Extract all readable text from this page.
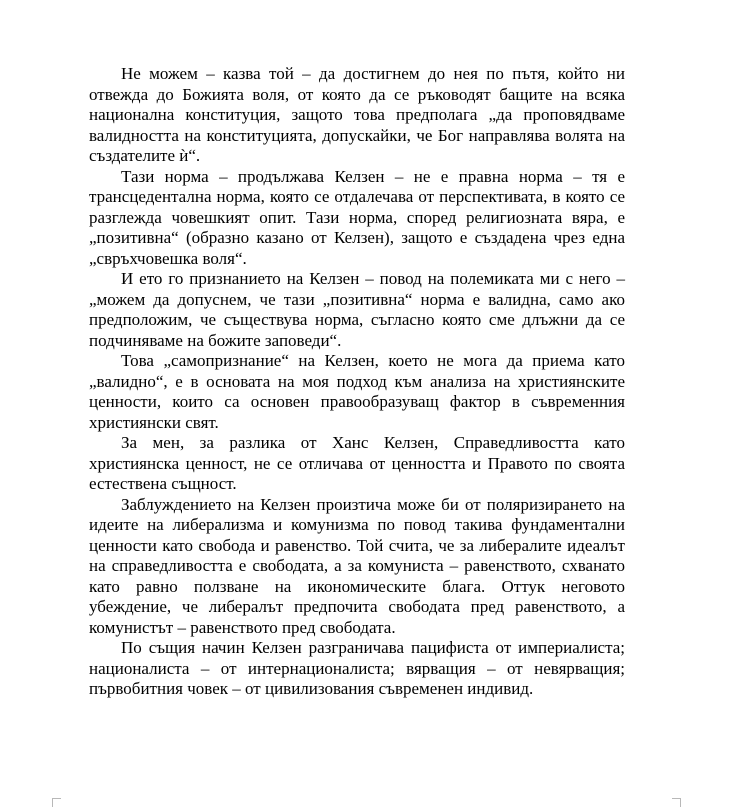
Не можем – казва той – да достигнем до нея по пътя, който ни отвежда до Божията воля, от която да се ръководят бащите на всяка национална конституция, защото това предполага „да проповядваме валидността на конституцията, допускайки, че Бог направлява волята на създателите ѝ“.

Тази норма – продължава Келзен – не е правна норма – тя е трансцедентална норма, която се отдалечава от перспективата, в която се разглежда човешкият опит. Тази норма, според религиозната вяра, е „позитивна“ (образно казано от Келзен), защото е създадена чрез една „свръхчовешка воля“.

И ето го признанието на Келзен – повод на полемиката ми с него – „можем да допуснем, че тази „позитивна“ норма е валидна, само ако предположим, че съществува норма, съгласно която сме длъжни да се подчиняваме на божите заповеди“.

Това „самопризнание“ на Келзен, което не мога да приема като „валидно“, е в основата на моя подход към анализа на християнските ценности, които са основен правообразуващ фактор в съвременния християнски свят.

За мен, за разлика от Ханс Келзен, Справедливостта като християнска ценност, не се отличава от ценността и Правото по своята естествена същност.

Заблуждението на Келзен произтича може би от поляризирането на идеите на либерализма и комунизма по повод такива фундаментални ценности като свобода и равенство. Той счита, че за либералите идеалът на справедливостта е свободата, а за комуниста – равенството, схванато като равно ползване на икономическите блага. Оттук неговото убеждение, че либералът предпочита свободата пред равенството, а комунистът – равенството пред свободата.

По същия начин Келзен разграничава пацифиста от империалиста; националиста – от интернационалиста; вярващия – от невярващия; първобитния човек – от цивилизования съвременен индивид.
